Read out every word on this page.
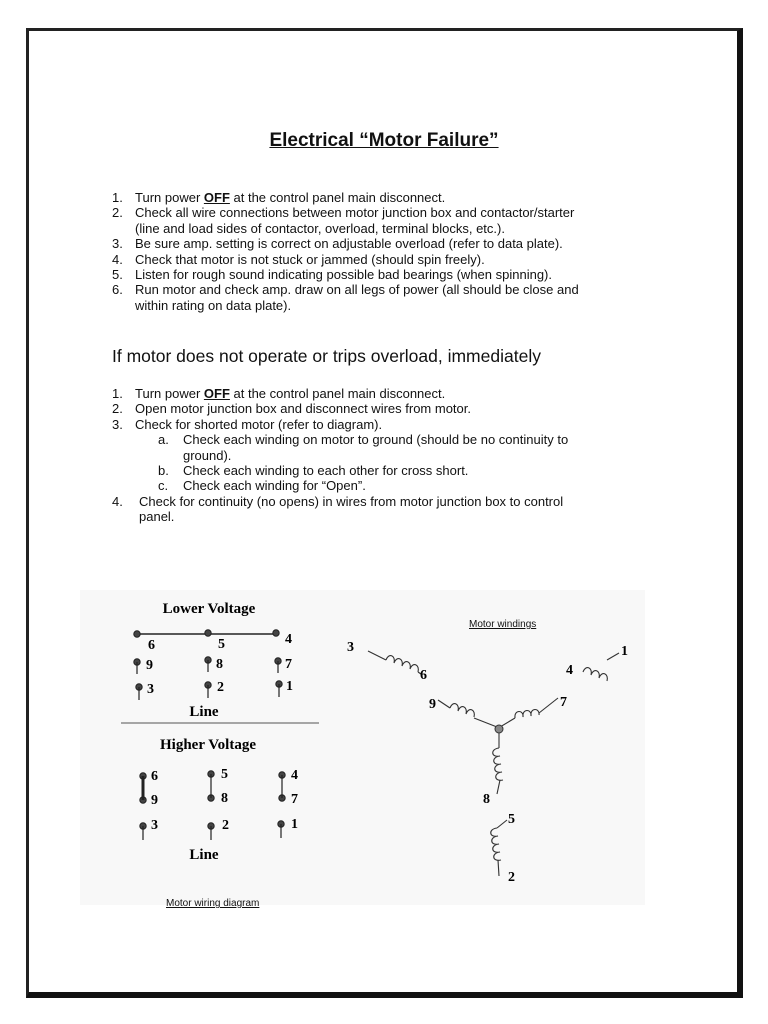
Electrical “Motor Failure”
1. Turn power OFF at the control panel main disconnect.
2. Check all wire connections between motor junction box and contactor/starter
(line and load sides of contactor, overload, terminal blocks, etc.).
3. Be sure amp. setting is correct on adjustable overload (refer to data plate).
4. Check that motor is not stuck or jammed (should spin freely).
5. Listen for rough sound indicating possible bad bearings (when spinning).
6. Run motor and check amp. draw on all legs of power (all should be close and
within rating on data plate).
If motor does not operate or trips overload, immediately
1. Turn power OFF at the control panel main disconnect.
2. Open motor junction box and disconnect wires from motor.
3. Check for shorted motor (refer to diagram).
a. Check each winding on motor to ground (should be no continuity to
ground).
b. Check each winding to each other for cross short.
c. Check each winding for “Open”.
4. Check for continuity (no opens) in wires from motor junction box to control
panel.
Lower Voltage
6	5	4
9	8	7
3	2	1
Line
Higher Voltage
6	5	4
9	8	7
3	2	1
Line
3
6	4
1
9	7
8
5
2
Motor windings
Motor wiring diagram
